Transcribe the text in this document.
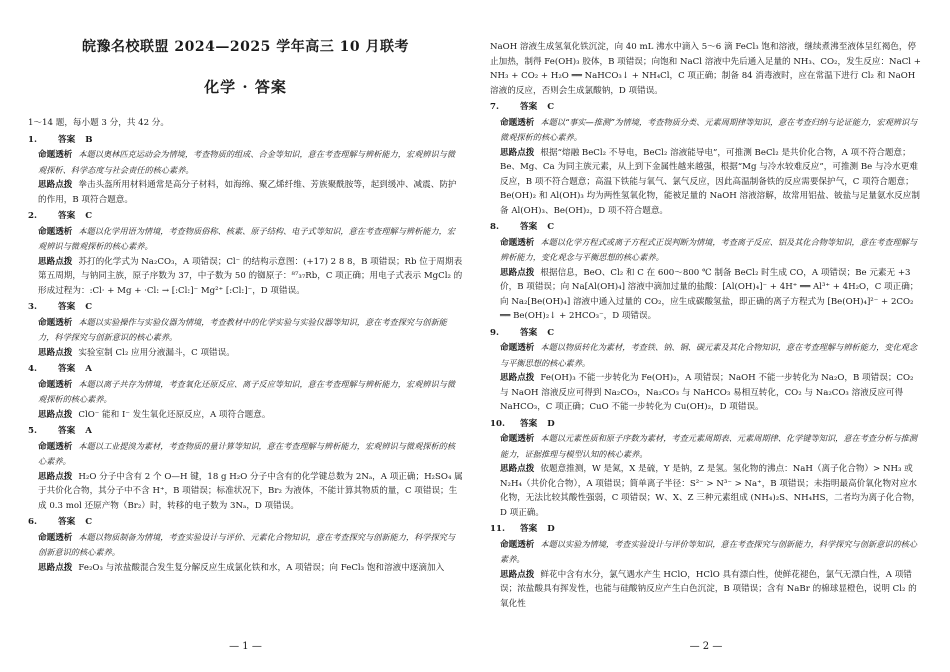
皖豫名校联盟 2024—2025 学年高三 10 月联考
化学 · 答案
1～14 题，每小题 3 分，共 42 分。
1. 答案 B
命题透析 本题以奥林匹克运动会为情境，考查物质的组成、合金等知识，意在考查理解与辨析能力，宏观辨识与微观探析、科学态度与社会责任的核心素养。
思路点拨 拳击头盔所用材料通常是高分子材料，如海绵、聚乙烯纤维、芳族聚酰胺等，起到缓冲、减震、防护的作用，B 项符合题意。
2. 答案 C
命题透析 本题以化学用语为情境，考查物质俗称、核素、原子结构、电子式等知识，意在考查理解与辨析能力，宏观辨识与微观探析的核心素养。
思路点拨 苏打的化学式为 Na₂CO₃，A 项错误；Cl⁻ 的结构示意图：(+17) 2 8 8，B 项错误；Rb 位于周期表第五周期，与钠同主族，原子序数为 37，中子数为 50 的铷原子：⁸⁷₃₇Rb，C 项正确；用电子式表示 MgCl₂ 的形成过程为：:Cl· + Mg + ·Cl: → [:Cl:]⁻ Mg²⁺ [:Cl:]⁻，D 项错误。
3. 答案 C
命题透析 本题以实验操作与实验仪器为情境，考查教材中的化学实验与实验仪器等知识，意在考查探究与创新能力，科学探究与创新意识的核心素养。
思路点拨 实验室制 Cl₂ 应用分液漏斗，C 项错误。
4. 答案 A
命题透析 本题以离子共存为情境，考查氧化还原反应、离子反应等知识，意在考查理解与辨析能力，宏观辨识与微观探析的核心素养。
思路点拨 ClO⁻ 能和 I⁻ 发生氧化还原反应，A 项符合题意。
5. 答案 A
命题透析 本题以工业提溴为素材，考查物质的量计算等知识，意在考查理解与辨析能力，宏观辨识与微观探析的核心素养。
思路点拨 H₂O 分子中含有 2 个 O—H 键，18 g H₂O 分子中含有的化学键总数为 2Nₐ，A 项正确；H₂SO₄ 属于共价化合物，其分子中不含 H⁺，B 项错误；标准状况下，Br₂ 为液体，不能计算其物质的量，C 项错误；生成 0.3 mol 还原产物（Br₂）时，转移的电子数为 3Nₐ，D 项错误。
6. 答案 C
命题透析 本题以物质制备为情境，考查实验设计与评价、元素化合物知识，意在考查探究与创新能力，科学探究与创新意识的核心素养。
思路点拨 Fe₂O₃ 与浓盐酸混合发生复分解反应生成氯化铁和水，A 项错误；向 FeCl₃ 饱和溶液中逐滴加入
— 1 —
NaOH 溶液生成氢氧化铁沉淀，向 40 mL 沸水中滴入 5～6 滴 FeCl₃ 饱和溶液，继续煮沸至液体呈红褐色，停止加热，制得 Fe(OH)₃ 胶体，B 项错误；向饱和 NaCl 溶液中先后通入足量的 NH₃、CO₂，发生反应：NaCl + NH₃ + CO₂ + H₂O ══ NaHCO₃↓ + NH₄Cl，C 项正确；制备 84 消毒液时，应在常温下进行 Cl₂ 和 NaOH 溶液的反应，否则会生成氯酸钠，D 项错误。
7. 答案 C
命题透析 本题以“事实—推测”为情境，考查物质分类、元素周期律等知识，意在考查归纳与论证能力，宏观辨识与微观探析的核心素养。
思路点拨 根据“熔融 BeCl₂ 不导电，BeCl₂ 溶液能导电”，可推测 BeCl₂ 是共价化合物，A 项不符合题意；Be、Mg、Ca 为同主族元素，从上到下金属性越来越强，根据“Mg 与冷水较难反应”，可推测 Be 与冷水更难反应，B 项不符合题意；高温下铁能与氧气、氯气反应，因此高温制备铁的反应需要保护气，C 项符合题意；Be(OH)₂ 和 Al(OH)₃ 均为两性氢氧化物，能被足量的 NaOH 溶液溶解，故常用铝盐、铍盐与足量氨水反应制备 Al(OH)₃、Be(OH)₂，D 项不符合题意。
8. 答案 C
命题透析 本题以化学方程式或离子方程式正误判断为情境，考查离子反应、铝及其化合物等知识，意在考查理解与辨析能力，变化观念与平衡思想的核心素养。
思路点拨 根据信息，BeO、Cl₂ 和 C 在 600～800 ℃ 制备 BeCl₂ 时生成 CO，A 项错误；Be 元素无 +3 价，B 项错误；向 Na[Al(OH)₄] 溶液中滴加过量的盐酸：[Al(OH)₄]⁻ + 4H⁺ ══ Al³⁺ + 4H₂O，C 项正确；向 Na₂[Be(OH)₄] 溶液中通入过量的 CO₂，应生成碳酸氢盐，即正确的离子方程式为 [Be(OH)₄]²⁻ + 2CO₂ ══ Be(OH)₂↓ + 2HCO₃⁻，D 项错误。
9. 答案 C
命题透析 本题以物质转化为素材，考查铁、钠、铜、碳元素及其化合物知识，意在考查理解与辨析能力，变化观念与平衡思想的核心素养。
思路点拨 Fe(OH)₃ 不能一步转化为 Fe(OH)₂，A 项错误；NaOH 不能一步转化为 Na₂O，B 项错误；CO₂ 与 NaOH 溶液反应可得到 Na₂CO₃，Na₂CO₃ 与 NaHCO₃ 易相互转化，CO₂ 与 Na₂CO₃ 溶液反应可得 NaHCO₃，C 项正确；CuO 不能一步转化为 Cu(OH)₂，D 项错误。
10. 答案 D
命题透析 本题以元素性质和原子序数为素材，考查元素周期表、元素周期律、化学键等知识，意在考查分析与推测能力，证据推理与模型认知的核心素养。
思路点拨 依题意推测，W 是氮，X 是硫，Y 是钠，Z 是氢。氢化物的沸点：NaH（离子化合物）> NH₃ 或 N₂H₄（共价化合物），A 项错误；简单离子半径：S²⁻ > N³⁻ > Na⁺，B 项错误；未指明最高价氧化物对应水化物，无法比较其酸性强弱，C 项错误；W、X、Z 三种元素组成 (NH₄)₂S、NH₄HS，二者均为离子化合物，D 项正确。
11. 答案 D
命题透析 本题以实验为情境，考查实验设计与评价等知识，意在考查探究与创新能力，科学探究与创新意识的核心素养。
思路点拨 鲜花中含有水分，氯气遇水产生 HClO，HClO 具有漂白性，使鲜花褪色，氯气无漂白性，A 项错误；浓盐酸具有挥发性，也能与硅酸钠反应产生白色沉淀，B 项错误；含有 NaBr 的棉球显橙色，说明 Cl₂ 的氧化性
— 2 —
